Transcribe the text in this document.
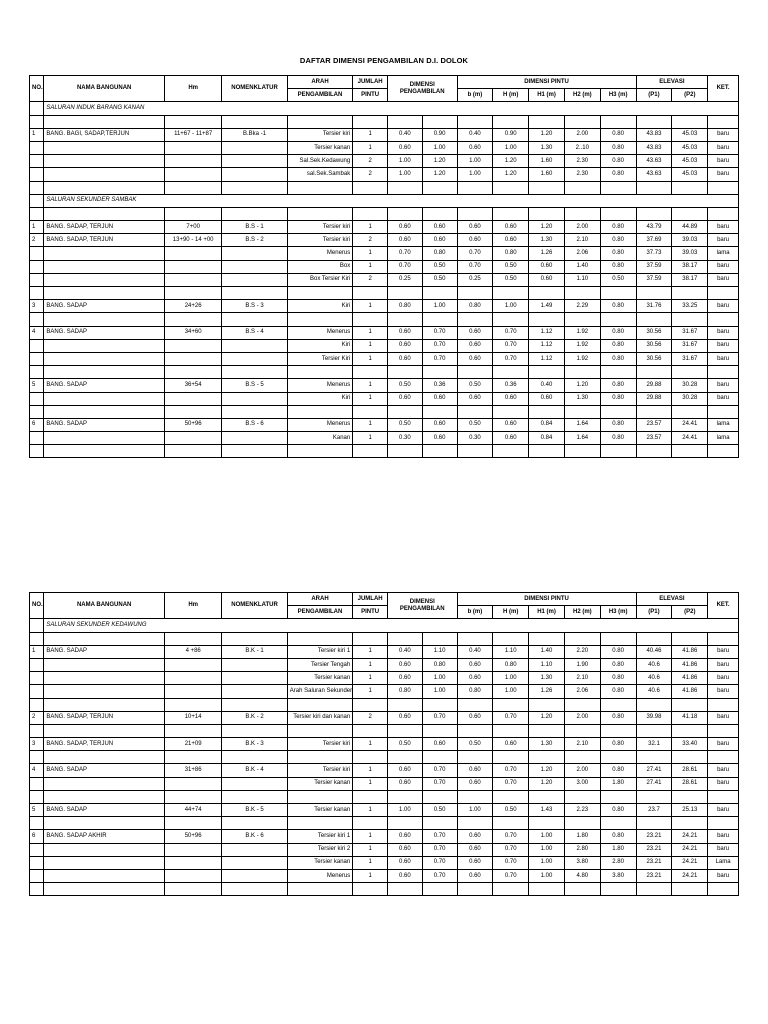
DAFTAR DIMENSI PENGAMBILAN D.I. DOLOK
NO.	NAMA BANGUNAN	Hm	NOMENKLATUR	ARAH	JUMLAH	DIMENSI PENGAMBILAN		DIMENSI PINTU					ELEVASI		KET.
				PENGAMBILAN	PINTU			b (m)	H (m)	H1 (m)	H2 (m)	H3 (m)	(P1)	(P2)	
	SALURAN INDUK BARANG KANAN														

1	BANG. BAGI, SADAP,TERJUN	11+67 - 11+87	B.Bka -1	Tersier kiri	1	0.40	0.90	0.40	0.90	1.20	2.00	0.80	43.83	45.03	baru
				Tersier kanan	1	0.60	1.00	0.60	1.00	1.30	2..10	0.80	43.83	45.03	baru
				Sal.Sek.Kedawung	2	1.00	1.20	1.00	1.20	1.60	2.30	0.80	43.63	45.03	baru
				sal.Sek.Sambak	2	1.00	1.20	1.00	1.20	1.60	2.30	0.80	43.63	45.03	baru

	SALURAN SEKUNDER SAMBAK														

1	BANG. SADAP, TERJUN	7+00	B.S - 1	Tersier kiri	1	0.60	0.60	0.60	0.60	1.20	2.00	0.80	43.79	44.89	baru
2	BANG. SADAP, TERJUN	13+90 - 14 +00	B.S - 2	Tersier kiri	2	0.60	0.60	0.60	0.60	1.30	2.10	0.80	37.69	39.03	baru
				Menerus	1	0.70	0.80	0.70	0.80	1.26	2.06	0.80	37.73	39.03	lama
				Box	1	0.70	0.50	0.70	0.50	0.60	1.40	0.80	37.59	38.17	baru
				Box Tersier Kiri	2	0.25	0.50	0.25	0.50	0.60	1.10	0.50	37.59	38.17	baru

3	BANG. SADAP	24+26	B.S - 3	Kiri	1	0.80	1.00	0.80	1.00	1.49	2.29	0.80	31.76	33.25	baru

4	BANG. SADAP	34+60	B.S - 4	Menerus	1	0.60	0.70	0.60	0.70	1.12	1.92	0.80	30.56	31.67	baru
				Kiri	1	0.60	0.70	0.60	0.70	1.12	1.92	0.80	30.56	31.67	baru
				Tersier Kiri	1	0.60	0.70	0.60	0.70	1.12	1.92	0.80	30.56	31.67	baru

5	BANG. SADAP	36+54	B.S - 5	Menerus	1	0.50	0.36	0.50	0.36	0.40	1.20	0.80	29.88	30.28	baru
				Kiri	1	0.60	0.60	0.60	0.60	0.60	1.30	0.80	29.88	30.28	baru

6	BANG. SADAP	50+96	B.S - 6	Menerus	1	0.50	0.60	0.50	0.60	0.84	1.64	0.80	23.57	24.41	lama
				Kanan	1	0.30	0.60	0.30	0.60	0.84	1.64	0.80	23.57	24.41	lama

NO.	NAMA BANGUNAN	Hm	NOMENKLATUR	ARAH	JUMLAH	DIMENSI PENGAMBILAN		DIMENSI PINTU					ELEVASI		KET.
				PENGAMBILAN	PINTU			b (m)	H (m)	H1 (m)	H2 (m)	H3 (m)	(P1)	(P2)	
	SALURAN SEKUNDER KEDAWUNG														

1	BANG. SADAP	4 +86	B.K - 1	Tersier kiri 1	1	0.40	1.10	0.40	1.10	1.40	2.20	0.80	40.46	41.86	baru
				Tersier Tengah	1	0.60	0.80	0.60	0.80	1.10	1.90	0.80	40.6	41.86	baru
				Tersier kanan	1	0.60	1.00	0.60	1.00	1.30	2.10	0.80	40.6	41.86	baru
				Arah Saluran Sekunder	1	0.80	1.00	0.80	1.00	1.26	2.06	0.80	40.6	41.86	baru

2	BANG. SADAP, TERJUN	10+14	B.K - 2	Tersier kiri dan kanan	2	0.60	0.70	0.60	0.70	1.20	2.00	0.80	39.98	41.18	baru

3	BANG. SADAP, TERJUN	21+09	B.K - 3	Tersier kiri	1	0.50	0.60	0.50	0.60	1.30	2.10	0.80	32.1	33.40	baru

4	BANG. SADAP	31+86	B.K - 4	Tersier kiri	1	0.60	0.70	0.60	0.70	1.20	2.00	0.80	27.41	28.61	baru
				Tersier kanan	1	0.60	0.70	0.60	0.70	1.20	3.00	1.80	27.41	28.61	baru

5	BANG. SADAP	44+74	B.K - 5	Tersier kanan	1	1.00	0.50	1.00	0.50	1.43	2.23	0.80	23.7	25.13	baru

6	BANG. SADAP AKHIR	50+96	B.K - 6	Tersier kiri 1	1	0.60	0.70	0.60	0.70	1.00	1.80	0.80	23.21	24.21	baru
				Tersier kiri 2	1	0.60	0.70	0.60	0.70	1.00	2.80	1.80	23.21	24.21	baru
				Tersier kanan	1	0.60	0.70	0.60	0.70	1.00	3.80	2.80	23.21	24.21	Lama
				Menerus	1	0.60	0.70	0.60	0.70	1.00	4.80	3.80	23.21	24.21	baru
